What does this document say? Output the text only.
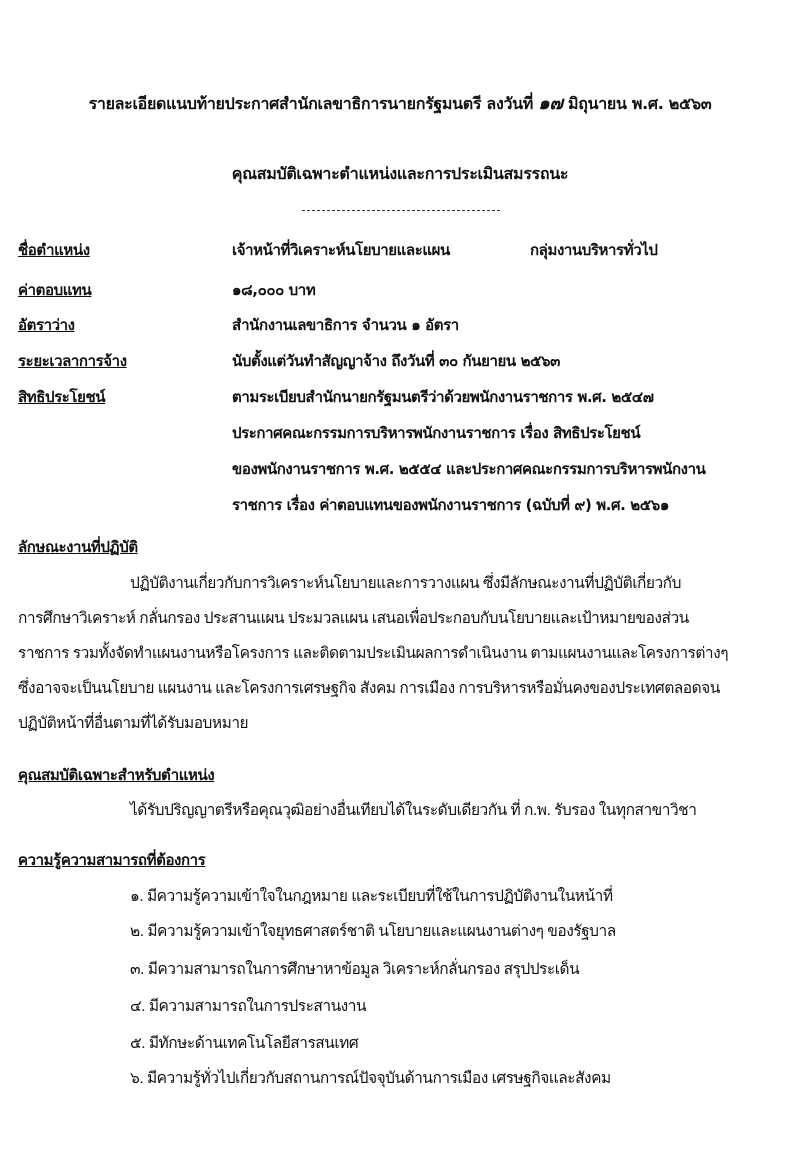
รายละเอียดแนบท้ายประกาศสำนักเลขาธิการนายกรัฐมนตรี ลงวันที่ ๑๗ มิถุนายน พ.ศ. ๒๕๖๓
คุณสมบัติเฉพาะตำแหน่งและการประเมินสมรรถนะ
ชื่อตำแหน่ง	เจ้าหน้าที่วิเคราะห์นโยบายและแผน	กลุ่มงานบริหารทั่วไป
ค่าตอบแทน	๑๘,๐๐๐ บาท
อัตราว่าง	สำนักงานเลขาธิการ จำนวน ๑ อัตรา
ระยะเวลาการจ้าง	นับตั้งแต่วันทำสัญญาจ้าง ถึงวันที่ ๓๐ กันยายน ๒๕๖๓
สิทธิประโยชน์	ตามระเบียบสำนักนายกรัฐมนตรีว่าด้วยพนักงานราชการ พ.ศ. ๒๕๔๗
ประกาศคณะกรรมการบริหารพนักงานราชการ เรื่อง สิทธิประโยชน์
ของพนักงานราชการ พ.ศ. ๒๕๕๔ และประกาศคณะกรรมการบริหารพนักงาน
ราชการ เรื่อง ค่าตอบแทนของพนักงานราชการ (ฉบับที่ ๙) พ.ศ. ๒๕๖๑
ลักษณะงานที่ปฏิบัติ
ปฏิบัติงานเกี่ยวกับการวิเคราะห์นโยบายและการวางแผน ซึ่งมีลักษณะงานที่ปฏิบัติเกี่ยวกับ
การศึกษาวิเคราะห์ กลั่นกรอง ประสานแผน ประมวลแผน เสนอเพื่อประกอบกับนโยบายและเป้าหมายของส่วน
ราชการ รวมทั้งจัดทำแผนงานหรือโครงการ และติดตามประเมินผลการดำเนินงาน ตามแผนงานและโครงการต่างๆ
ซึ่งอาจจะเป็นนโยบาย แผนงาน และโครงการเศรษฐกิจ สังคม การเมือง การบริหารหรือมั่นคงของประเทศตลอดจน
ปฏิบัติหน้าที่อื่นตามที่ได้รับมอบหมาย
คุณสมบัติเฉพาะสำหรับตำแหน่ง
ได้รับปริญญาตรีหรือคุณวุฒิอย่างอื่นเทียบได้ในระดับเดียวกัน ที่ ก.พ. รับรอง ในทุกสาขาวิชา
ความรู้ความสามารถที่ต้องการ
๑. มีความรู้ความเข้าใจในกฎหมาย และระเบียบที่ใช้ในการปฏิบัติงานในหน้าที่
๒. มีความรู้ความเข้าใจยุทธศาสตร์ชาติ นโยบายและแผนงานต่างๆ ของรัฐบาล
๓. มีความสามารถในการศึกษาหาข้อมูล วิเคราะห์กลั่นกรอง สรุปประเด็น
๔. มีความสามารถในการประสานงาน
๕. มีทักษะด้านเทคโนโลยีสารสนเทศ
๖. มีความรู้ทั่วไปเกี่ยวกับสถานการณ์ปัจจุบันด้านการเมือง เศรษฐกิจและสังคม
